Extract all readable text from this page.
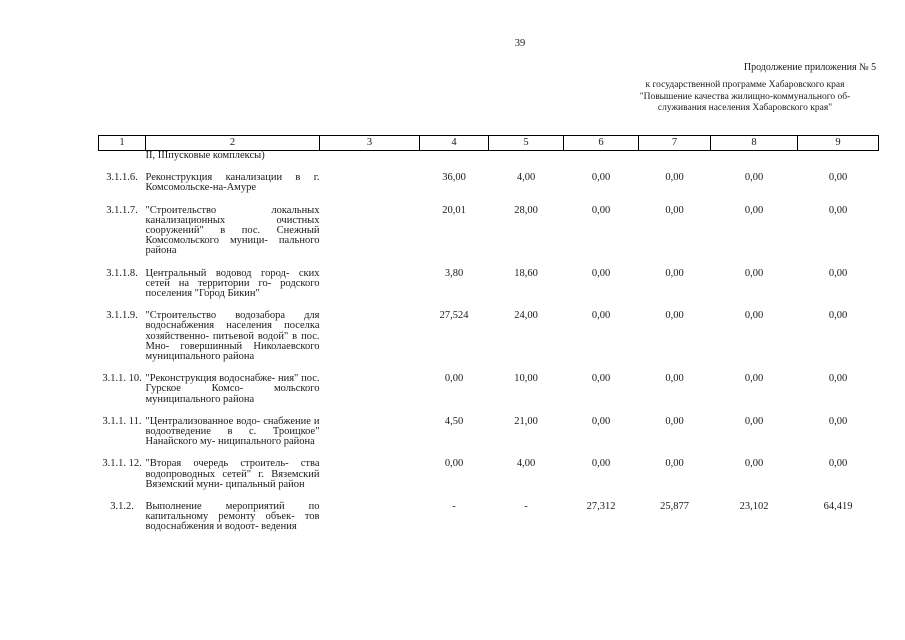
39
Продолжение приложения № 5
к государственной программе Хабаровского края
"Повышение качества жилищно-коммунального об-
служивания населения Хабаровского края"
1	2	3	4	5	6	7	8	9
	II, IIIпусковые комплексы)							

3.1.1.6.	Реконструкция канализации в г. Комсомольске-на-Амуре		36,00	4,00	0,00	0,00	0,00	0,00

3.1.1.7.	"Строительство локальных канализационных очистных сооружений" в пос. Снежный Комсомольского муници- пального района		20,01	28,00	0,00	0,00	0,00	0,00

3.1.1.8.	Центральный водовод город- ских сетей на территории го- родского поселения "Город Бикин"		3,80	18,60	0,00	0,00	0,00	0,00

3.1.1.9.	"Строительство водозабора для водоснабжения населения поселка хозяйственно- питьевой водой" в пос. Мно- говершинный Николаевского муниципального района		27,524	24,00	0,00	0,00	0,00	0,00

3.1.1. 10.	"Реконструкция водоснабже- ния" пос. Гурское Комсо- мольского муниципального района		0,00	10,00	0,00	0,00	0,00	0,00

3.1.1. 11.	"Централизованное водо- снабжение и водоотведение в с. Троицкое" Нанайского му- ниципального района		4,50	21,00	0,00	0,00	0,00	0,00

3.1.1. 12.	"Вторая очередь строитель- ства водопроводных сетей" г. Вяземский Вяземский муни- ципальный район		0,00	4,00	0,00	0,00	0,00	0,00

3.1.2.	Выполнение мероприятий по капитальному ремонту объек- тов водоснабжения и водоот- ведения		-	-	27,312	25,877	23,102	64,419
